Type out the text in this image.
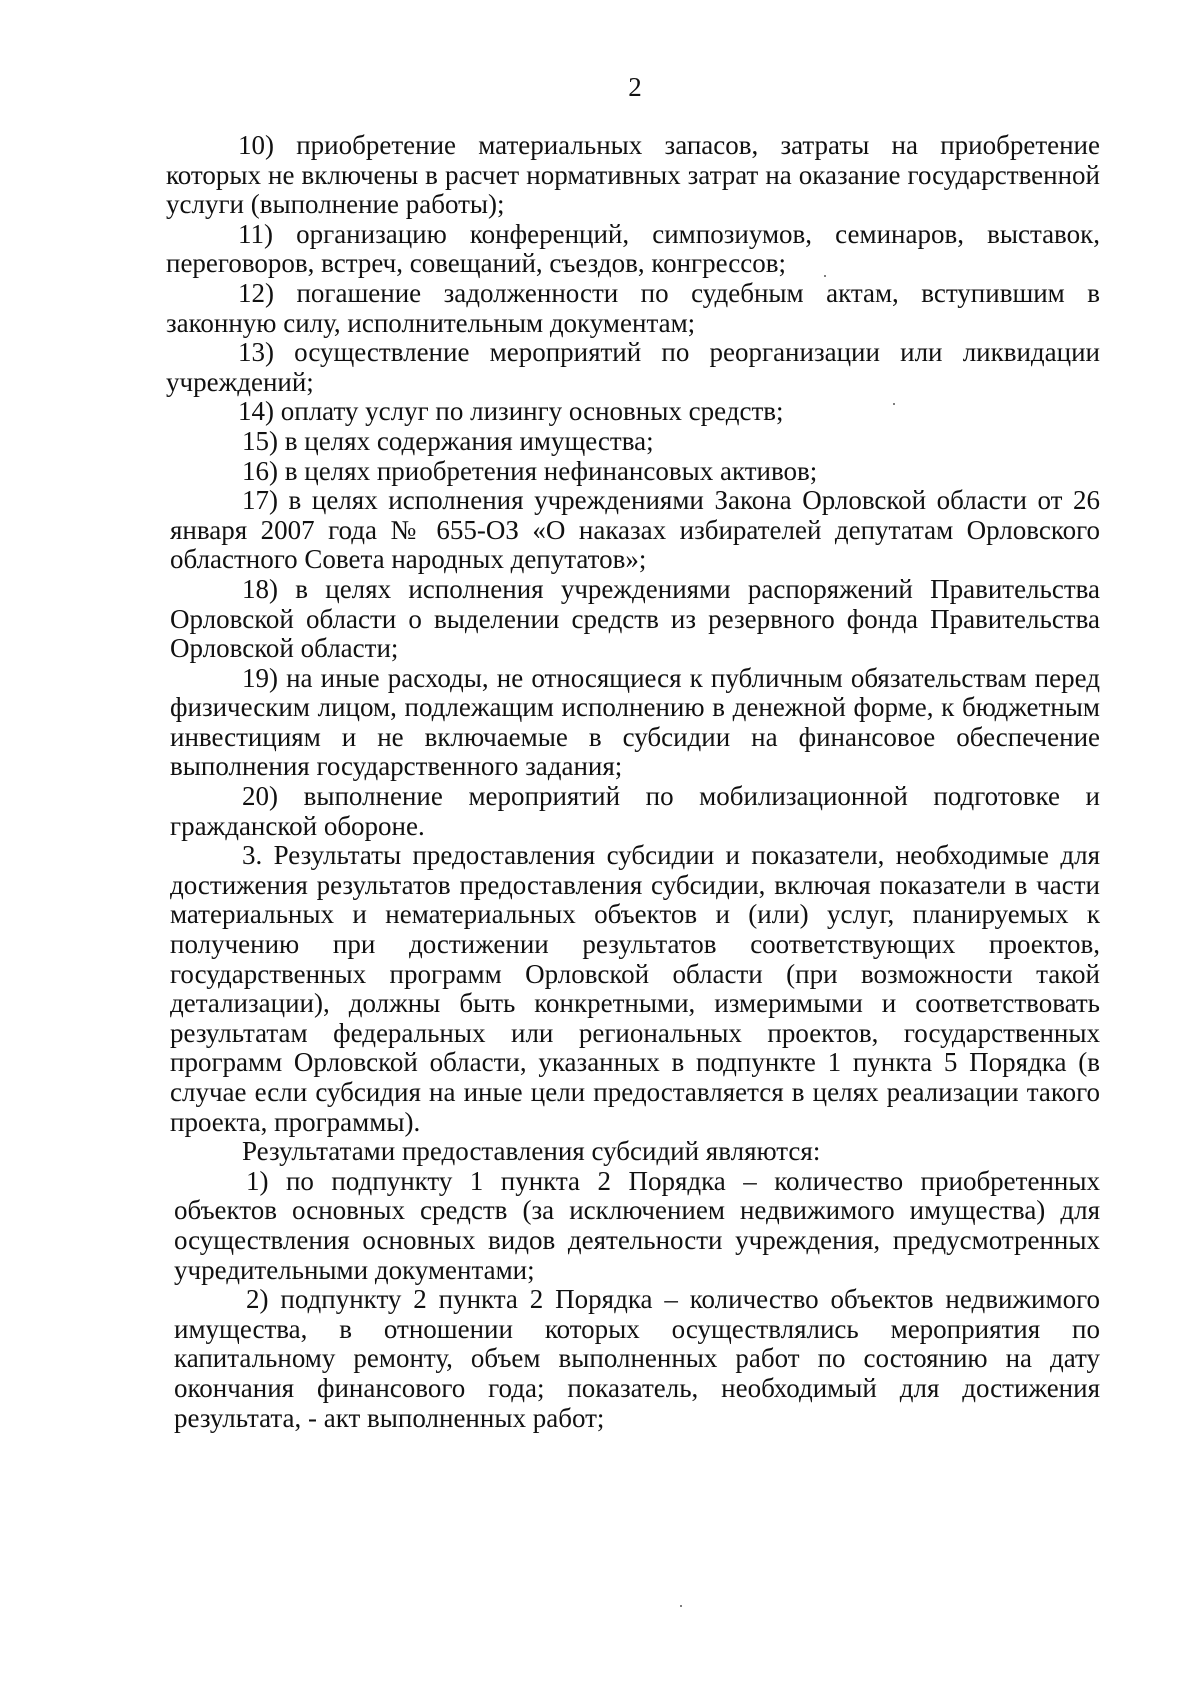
2

10) приобретение материальных запасов, затраты на приобретение которых не включены в расчет нормативных затрат на оказание государственной услуги (выполнение работы);

11) организацию конференций, симпозиумов, семинаров, выставок, переговоров, встреч, совещаний, съездов, конгрессов;

12) погашение задолженности по судебным актам, вступившим в законную силу, исполнительным документам;

13) осуществление мероприятий по реорганизации или ликвидации учреждений;

14) оплату услуг по лизингу основных средств;

15) в целях содержания имущества;

16) в целях приобретения нефинансовых активов;

17) в целях исполнения учреждениями Закона Орловской области от 26 января 2007 года № 655-ОЗ «О наказах избирателей депутатам Орловского областного Совета народных депутатов»;

18) в целях исполнения учреждениями распоряжений Правительства Орловской области о выделении средств из резервного фонда Правительства Орловской области;

19) на иные расходы, не относящиеся к публичным обязательствам перед физическим лицом, подлежащим исполнению в денежной форме, к бюджетным инвестициям и не включаемые в субсидии на финансовое обеспечение выполнения государственного задания;

20) выполнение мероприятий по мобилизационной подготовке и гражданской обороне.

3. Результаты предоставления субсидии и показатели, необходимые для достижения результатов предоставления субсидии, включая показатели в части материальных и нематериальных объектов и (или) услуг, планируемых к получению при достижении результатов соответствующих проектов, государственных программ Орловской области (при возможности такой детализации), должны быть конкретными, измеримыми и соответствовать результатам федеральных или региональных проектов, государственных программ Орловской области, указанных в подпункте 1 пункта 5 Порядка (в случае если субсидия на иные цели предоставляется в целях реализации такого проекта, программы).

Результатами предоставления субсидий являются:

1) по подпункту 1 пункта 2 Порядка – количество приобретенных объектов основных средств (за исключением недвижимого имущества) для осуществления основных видов деятельности учреждения, предусмотренных учредительными документами;

2) подпункту 2 пункта 2 Порядка – количество объектов недвижимого имущества, в отношении которых осуществлялись мероприятия по капитальному ремонту, объем выполненных работ по состоянию на дату окончания финансового года; показатель, необходимый для достижения результата, - акт выполненных работ;
